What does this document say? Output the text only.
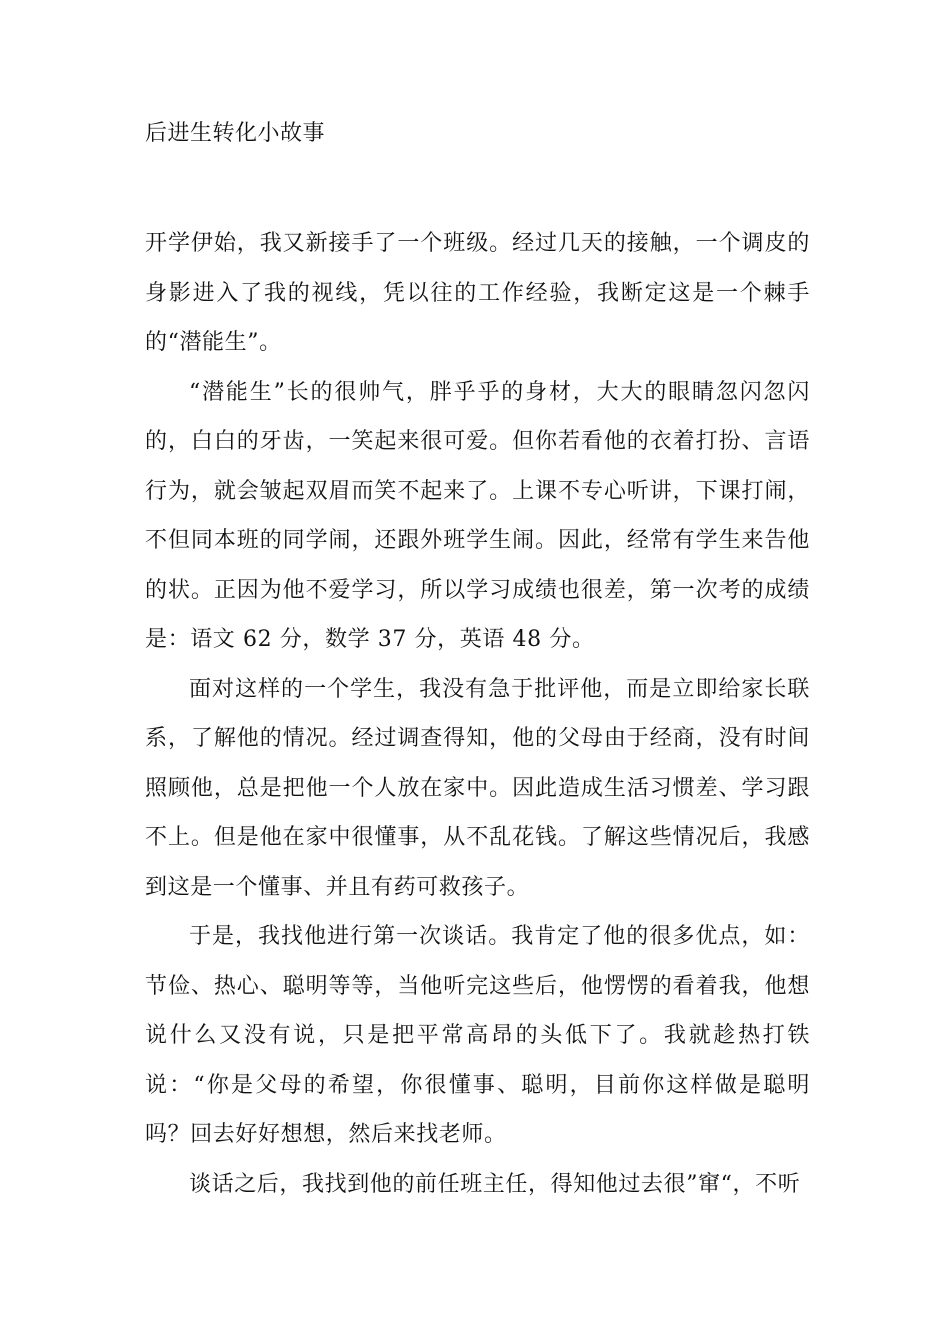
后进生转化小故事

开学伊始，我又新接手了一个班级。经过几天的接触，一个调皮的身影进入了我的视线，凭以往的工作经验，我断定这是一个棘手的“潜能生”。

“潜能生”长的很帅气，胖乎乎的身材，大大的眼睛忽闪忽闪的，白白的牙齿，一笑起来很可爱。但你若看他的衣着打扮、言语行为，就会皱起双眉而笑不起来了。上课不专心听讲，下课打闹，不但同本班的同学闹，还跟外班学生闹。因此，经常有学生来告他的状。正因为他不爱学习，所以学习成绩也很差，第一次考的成绩是：语文 62 分，数学 37 分，英语 48 分。

面对这样的一个学生，我没有急于批评他，而是立即给家长联系，了解他的情况。经过调查得知，他的父母由于经商，没有时间照顾他，总是把他一个人放在家中。因此造成生活习惯差、学习跟不上。但是他在家中很懂事，从不乱花钱。了解这些情况后，我感到这是一个懂事、并且有药可救孩子。

于是，我找他进行第一次谈话。我肯定了他的很多优点，如：节俭、热心、聪明等等，当他听完这些后，他愣愣的看着我，他想说什么又没有说，只是把平常高昂的头低下了。我就趁热打铁说：“你是父母的希望，你很懂事、聪明，目前你这样做是聪明吗？回去好好想想，然后来找老师。

谈话之后，我找到他的前任班主任，得知他过去很”窜“，不听
